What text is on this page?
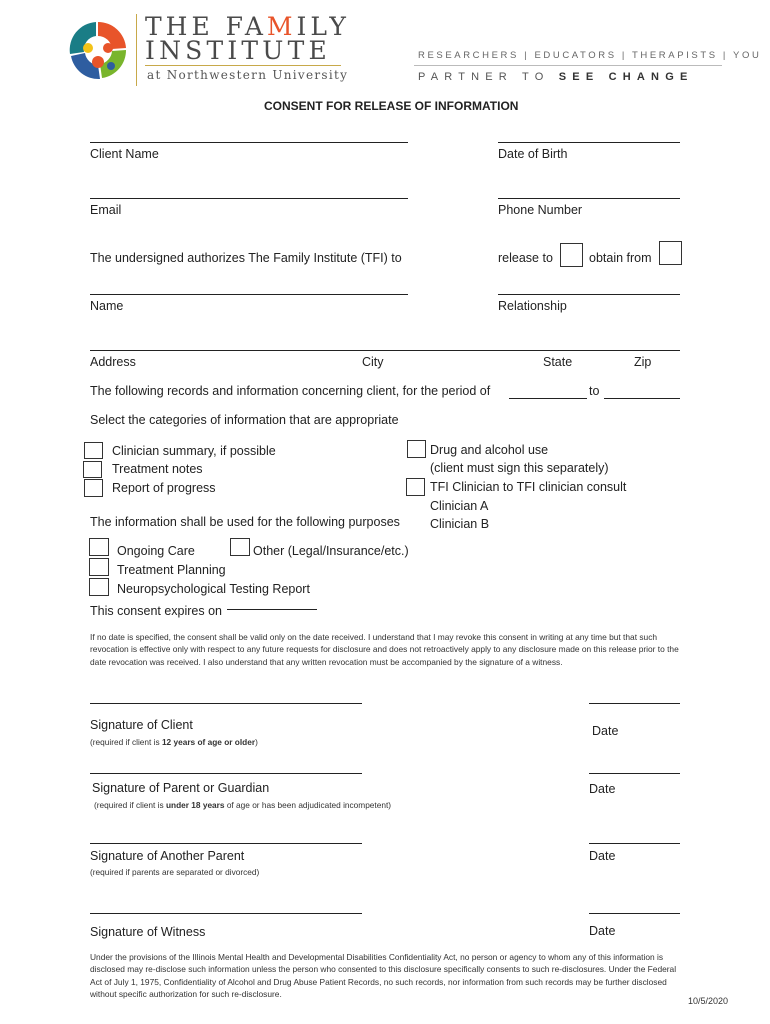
THE FAMILY
INSTITUTE
at Northwestern University
RESEARCHERS | EDUCATORS | THERAPISTS | YOU
PARTNER TO SEE CHANGE
CONSENT FOR RELEASE OF INFORMATION
Client Name	Date of Birth
Email	Phone Number
The undersigned authorizes The Family Institute (TFI) to	release to	obtain from
Name	Relationship
Address	City	State	Zip
The following records and information concerning client, for the period of	to
Select the categories of information that are appropriate
Clinician summary, if possible
Treatment notes
Report of progress
Drug and alcohol use
(client must sign this separately)
TFI Clinician to TFI clinician consult
Clinician A
Clinician B
The information shall be used for the following purposes
Ongoing Care	Other (Legal/Insurance/etc.)
Treatment Planning
Neuropsychological Testing Report
This consent expires on
If no date is specified, the consent shall be valid only on the date received. I understand that I may revoke this consent in writing at any time but that such revocation is effective only with respect to any future requests for disclosure and does not retroactively apply to any disclosure made on this release prior to the date revocation was received. I also understand that any written revocation must be accompanied by the signature of a witness.
Signature of Client	Date
(required if client is 12 years of age or older)
Signature of Parent or Guardian	Date
(required if client is under 18 years of age or has been adjudicated incompetent)
Signature of Another Parent	Date
(required if parents are separated or divorced)
Signature of Witness	Date
Under the provisions of the Illinois Mental Health and Developmental Disabilities Confidentiality Act, no person or agency to whom any of this information is disclosed may re-disclose such information unless the person who consented to this disclosure specifically consents to such re-disclosures. Under the Federal Act of July 1, 1975, Confidentiality of Alcohol and Drug Abuse Patient Records, no such records, nor information from such records may be further disclosed without specific authorization for such re-disclosure.
10/5/2020
